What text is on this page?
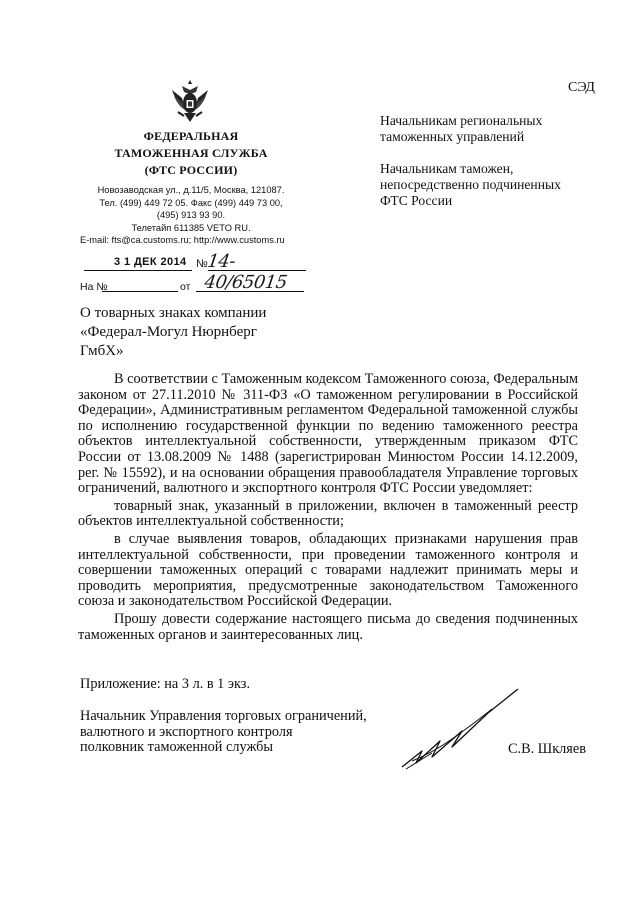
СЭД
ФЕДЕРАЛЬНАЯ
ТАМОЖЕННАЯ СЛУЖБА
(ФТС РОССИИ)
Новозаводская ул., д.11/5, Москва, 121087.
Тел. (499) 449 72 05. Факс (499) 449 73 00,
(495) 913 93 90.
Телетайп 611385 VETO RU.
E-mail: fts@ca.customs.ru; http://www.customs.ru
3 1 ДЕК 2014 №
14-40/65015
На №	от

Начальникам региональных

таможенных управлений

Начальникам таможен,

непосредственно подчиненных

ФТС России

О товарных знаках компании
«Федерал-Могул Нюрнберг
ГмбХ»

В соответствии с Таможенным кодексом Таможенного союза, Федеральным законом от 27.11.2010 № 311-ФЗ «О таможенном регулировании в Российской Федерации», Административным регламентом Федеральной таможенной службы по исполнению государственной функции по ведению таможенного реестра объектов интеллектуальной собственности, утвержденным приказом ФТС России от 13.08.2009 № 1488 (зарегистрирован Минюстом России 14.12.2009, рег. № 15592), и на основании обращения правообладателя Управление торговых ограничений, валютного и экспортного контроля ФТС России уведомляет:

товарный знак, указанный в приложении, включен в таможенный реестр объектов интеллектуальной собственности;

в случае выявления товаров, обладающих признаками нарушения прав интеллектуальной собственности, при проведении таможенного контроля и совершении таможенных операций с товарами надлежит принимать меры и проводить мероприятия, предусмотренные законодательством Таможенного союза и законодательством Российской Федерации.

Прошу довести содержание настоящего письма до сведения подчиненных таможенных органов и заинтересованных лиц.

Приложение: на 3 л. в 1 экз.
Начальник Управления торговых ограничений,
валютного и экспортного контроля
полковник таможенной службы	С.В. Шкляев
